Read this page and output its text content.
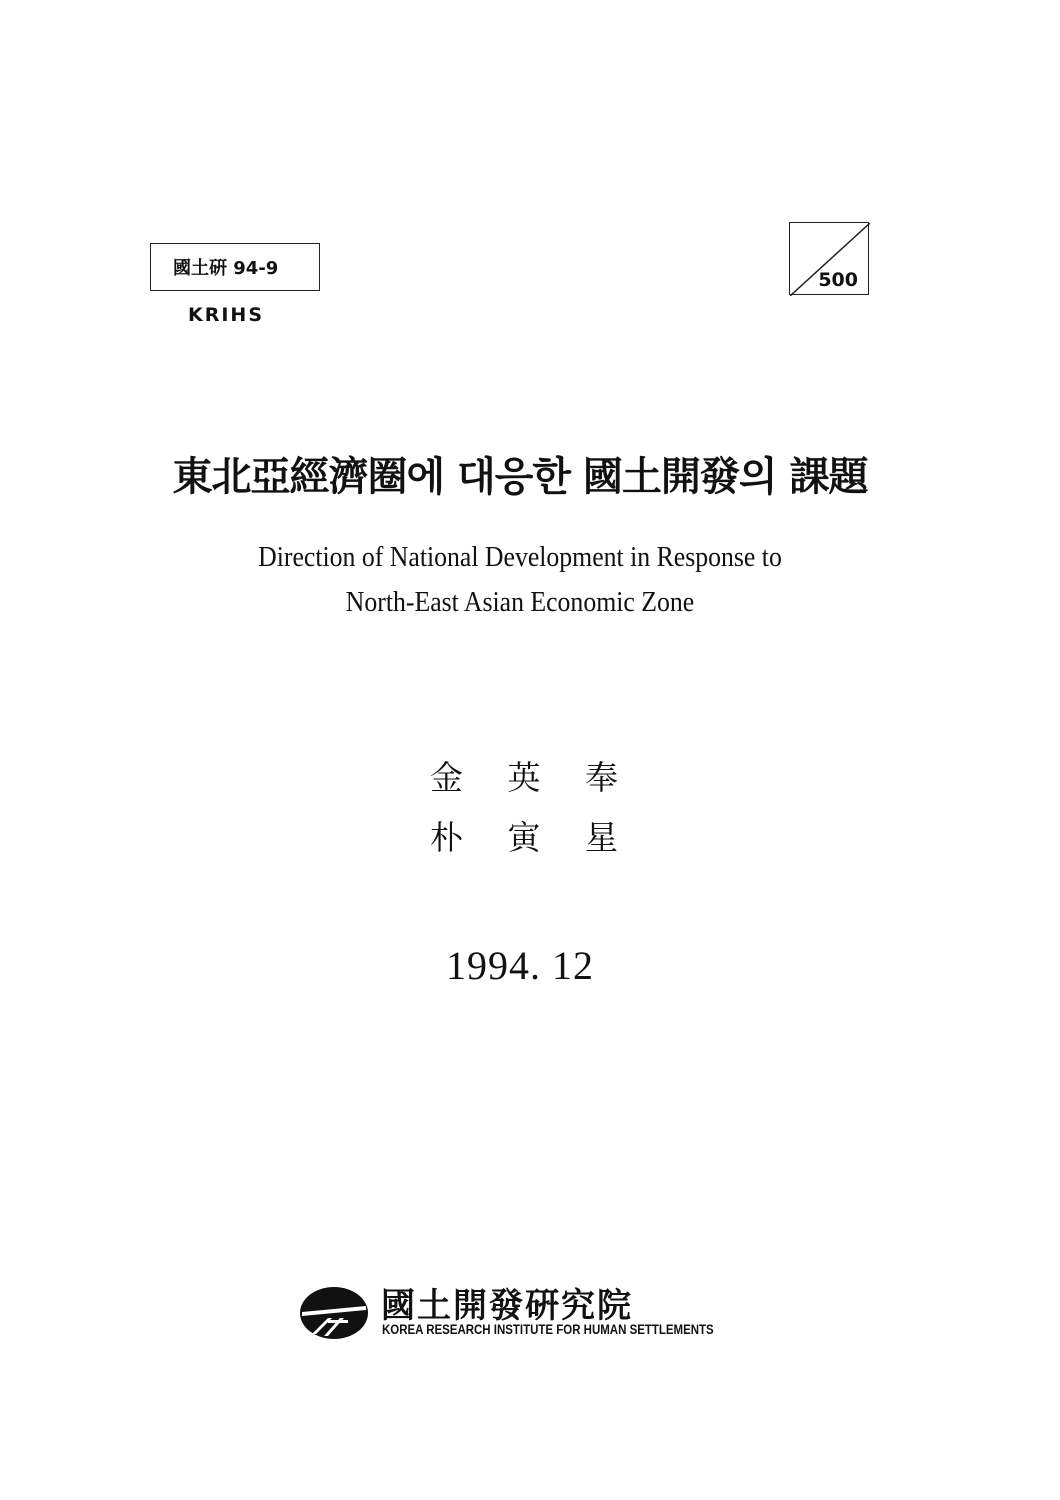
國土硏 94-9
KRIHS
500
東北亞經濟圈에 대응한 國土開發의 課題
Direction of National Development in Response to
North-East Asian Economic Zone
金 英 奉
朴 寅 星
1994. 12
國土開發硏究院
KOREA RESEARCH INSTITUTE FOR HUMAN SETTLEMENTS
